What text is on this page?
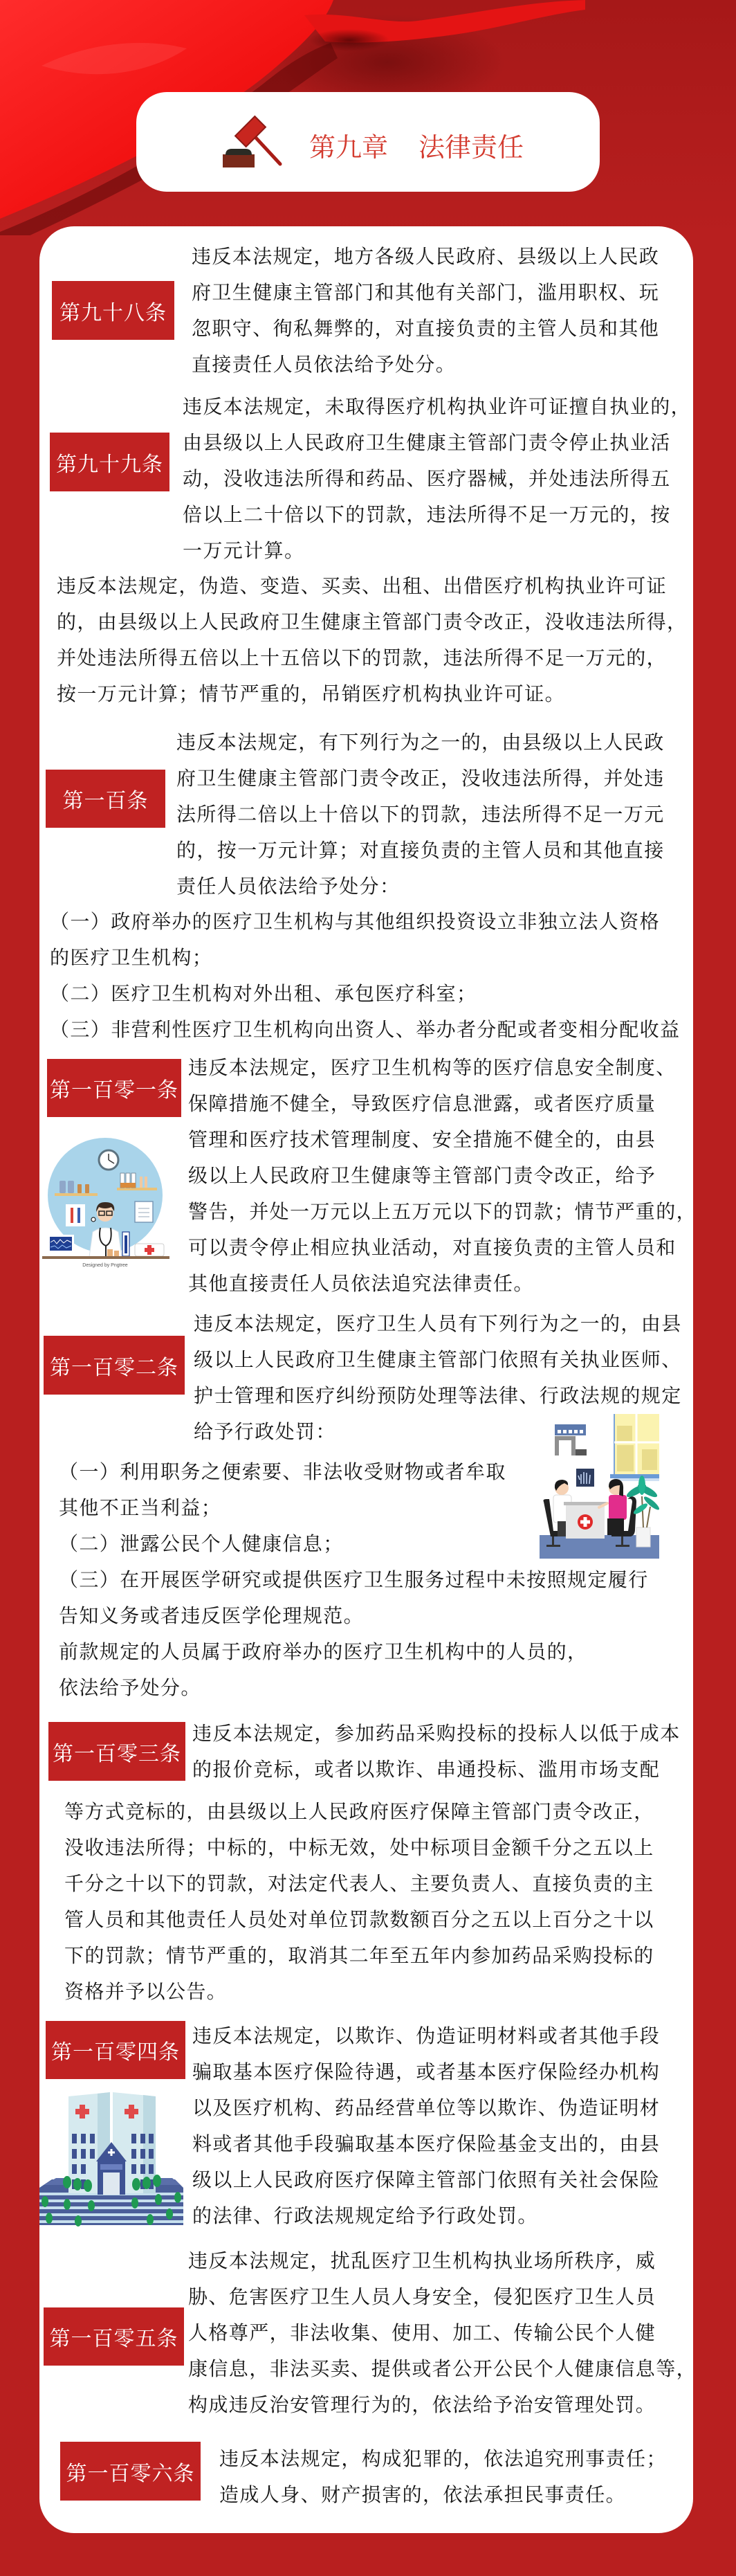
第九章 法律责任
第九十八条
违反本法规定，地方各级人民政府、县级以上人民政
府卫生健康主管部门和其他有关部门，滥用职权、玩
忽职守、徇私舞弊的，对直接负责的主管人员和其他
直接责任人员依法给予处分。
第九十九条
违反本法规定，未取得医疗机构执业许可证擅自执业的，
由县级以上人民政府卫生健康主管部门责令停止执业活
动，没收违法所得和药品、医疗器械，并处违法所得五
倍以上二十倍以下的罚款，违法所得不足一万元的，按
一万元计算。
违反本法规定，伪造、变造、买卖、出租、出借医疗机构执业许可证
的，由县级以上人民政府卫生健康主管部门责令改正，没收违法所得，
并处违法所得五倍以上十五倍以下的罚款，违法所得不足一万元的，
按一万元计算；情节严重的，吊销医疗机构执业许可证。
第一百条
违反本法规定，有下列行为之一的，由县级以上人民政
府卫生健康主管部门责令改正，没收违法所得，并处违
法所得二倍以上十倍以下的罚款，违法所得不足一万元
的，按一万元计算；对直接负责的主管人员和其他直接
责任人员依法给予处分：
（一）政府举办的医疗卫生机构与其他组织投资设立非独立法人资格
的医疗卫生机构；
（二）医疗卫生机构对外出租、承包医疗科室；
（三）非营利性医疗卫生机构向出资人、举办者分配或者变相分配收益
第一百零一条
违反本法规定，医疗卫生机构等的医疗信息安全制度、
保障措施不健全，导致医疗信息泄露，或者医疗质量
管理和医疗技术管理制度、安全措施不健全的，由县
级以上人民政府卫生健康等主管部门责令改正，给予
警告，并处一万元以上五万元以下的罚款；情节严重的，
可以责令停止相应执业活动，对直接负责的主管人员和
其他直接责任人员依法追究法律责任。
Designed by Pngtree
第一百零二条
违反本法规定，医疗卫生人员有下列行为之一的，由县
级以上人民政府卫生健康主管部门依照有关执业医师、
护士管理和医疗纠纷预防处理等法律、行政法规的规定
给予行政处罚：
（一）利用职务之便索要、非法收受财物或者牟取
其他不正当利益；
（二）泄露公民个人健康信息；
（三）在开展医学研究或提供医疗卫生服务过程中未按照规定履行
告知义务或者违反医学伦理规范。
前款规定的人员属于政府举办的医疗卫生机构中的人员的，
依法给予处分。
第一百零三条
违反本法规定，参加药品采购投标的投标人以低于成本
的报价竞标，或者以欺诈、串通投标、滥用市场支配
等方式竞标的，由县级以上人民政府医疗保障主管部门责令改正，
没收违法所得；中标的，中标无效，处中标项目金额千分之五以上
千分之十以下的罚款，对法定代表人、主要负责人、直接负责的主
管人员和其他责任人员处对单位罚款数额百分之五以上百分之十以
下的罚款；情节严重的，取消其二年至五年内参加药品采购投标的
资格并予以公告。
第一百零四条
违反本法规定，以欺诈、伪造证明材料或者其他手段
骗取基本医疗保险待遇，或者基本医疗保险经办机构
以及医疗机构、药品经营单位等以欺诈、伪造证明材
料或者其他手段骗取基本医疗保险基金支出的，由县
级以上人民政府医疗保障主管部门依照有关社会保险
的法律、行政法规规定给予行政处罚。
第一百零五条
违反本法规定，扰乱医疗卫生机构执业场所秩序，威
胁、危害医疗卫生人员人身安全，侵犯医疗卫生人员
人格尊严，非法收集、使用、加工、传输公民个人健
康信息，非法买卖、提供或者公开公民个人健康信息等，
构成违反治安管理行为的，依法给予治安管理处罚。
第一百零六条
违反本法规定，构成犯罪的，依法追究刑事责任；
造成人身、财产损害的，依法承担民事责任。
